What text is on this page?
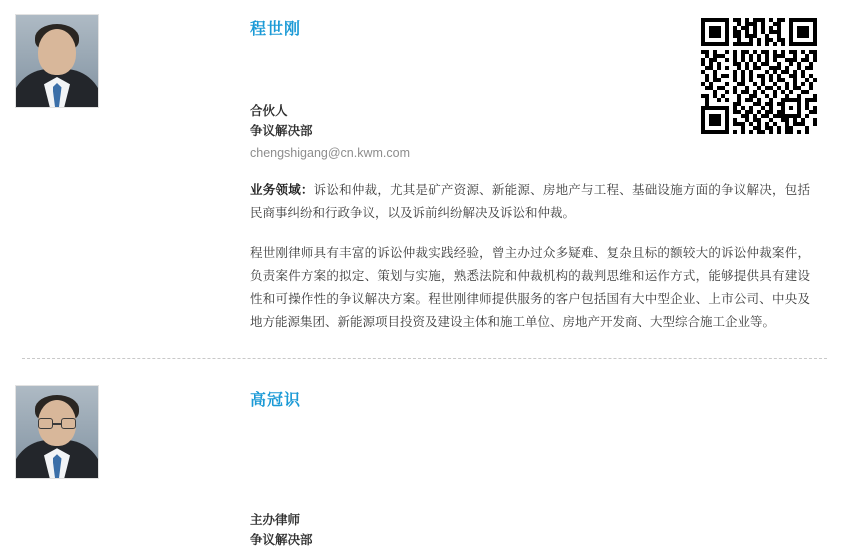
程世刚
合伙人
争议解决部
chengshigang@cn.kwm.com
业务领域：诉讼和仲裁，尤其是矿产资源、新能源、房地产与工程、基础设施方面的争议解决，包括民商事纠纷和行政争议，以及诉前纠纷解决及诉讼和仲裁。
程世刚律师具有丰富的诉讼仲裁实践经验，曾主办过众多疑难、复杂且标的额较大的诉讼仲裁案件，负责案件方案的拟定、策划与实施，熟悉法院和仲裁机构的裁判思维和运作方式，能够提供具有建设性和可操作性的争议解决方案。程世刚律师提供服务的客户包括国有大中型企业、上市公司、中央及地方能源集团、新能源项目投资及建设主体和施工单位、房地产开发商、大型综合施工企业等。
高冠识
主办律师
争议解决部
